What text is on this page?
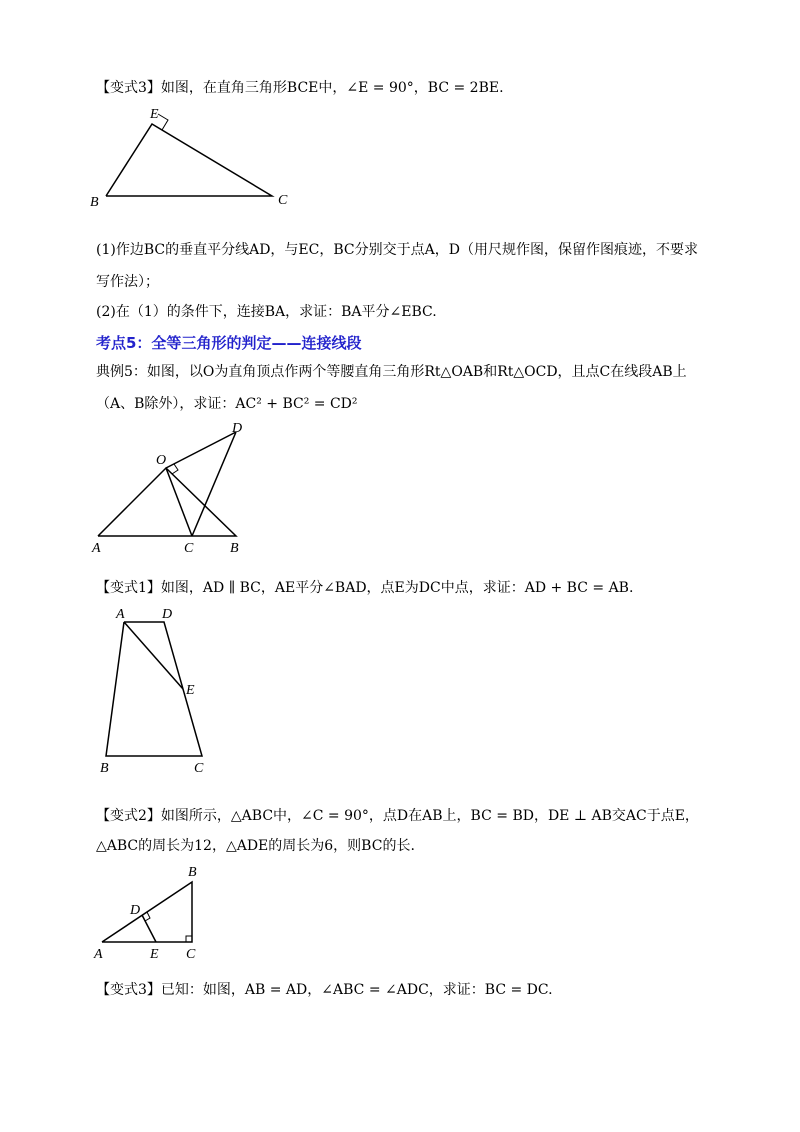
【变式3】如图，在直角三角形BCE中，∠E = 90°，BC = 2BE.
E
B	C
(1)作边BC的垂直平分线AD，与EC，BC分别交于点A，D（用尺规作图，保留作图痕迹，不要求
写作法）；
(2)在（1）的条件下，连接BA，求证：BA平分∠EBC.
考点5：全等三角形的判定——连接线段
典例5：如图，以O为直角顶点作两个等腰直角三角形Rt△OAB和Rt△OCD，且点C在线段AB上
（A、B除外），求证：AC² + BC² = CD²
O
D
A	C	B
【变式1】如图，AD ∥ BC，AE平分∠BAD，点E为DC中点，求证：AD + BC = AB.
A	D
E
B	C
【变式2】如图所示，△ABC中，∠C = 90°，点D在AB上，BC = BD，DE ⊥ AB交AC于点E，
△ABC的周长为12，△ADE的周长为6，则BC的长.
B
D
A	E C
【变式3】已知：如图，AB = AD，∠ABC = ∠ADC，求证：BC = DC.
